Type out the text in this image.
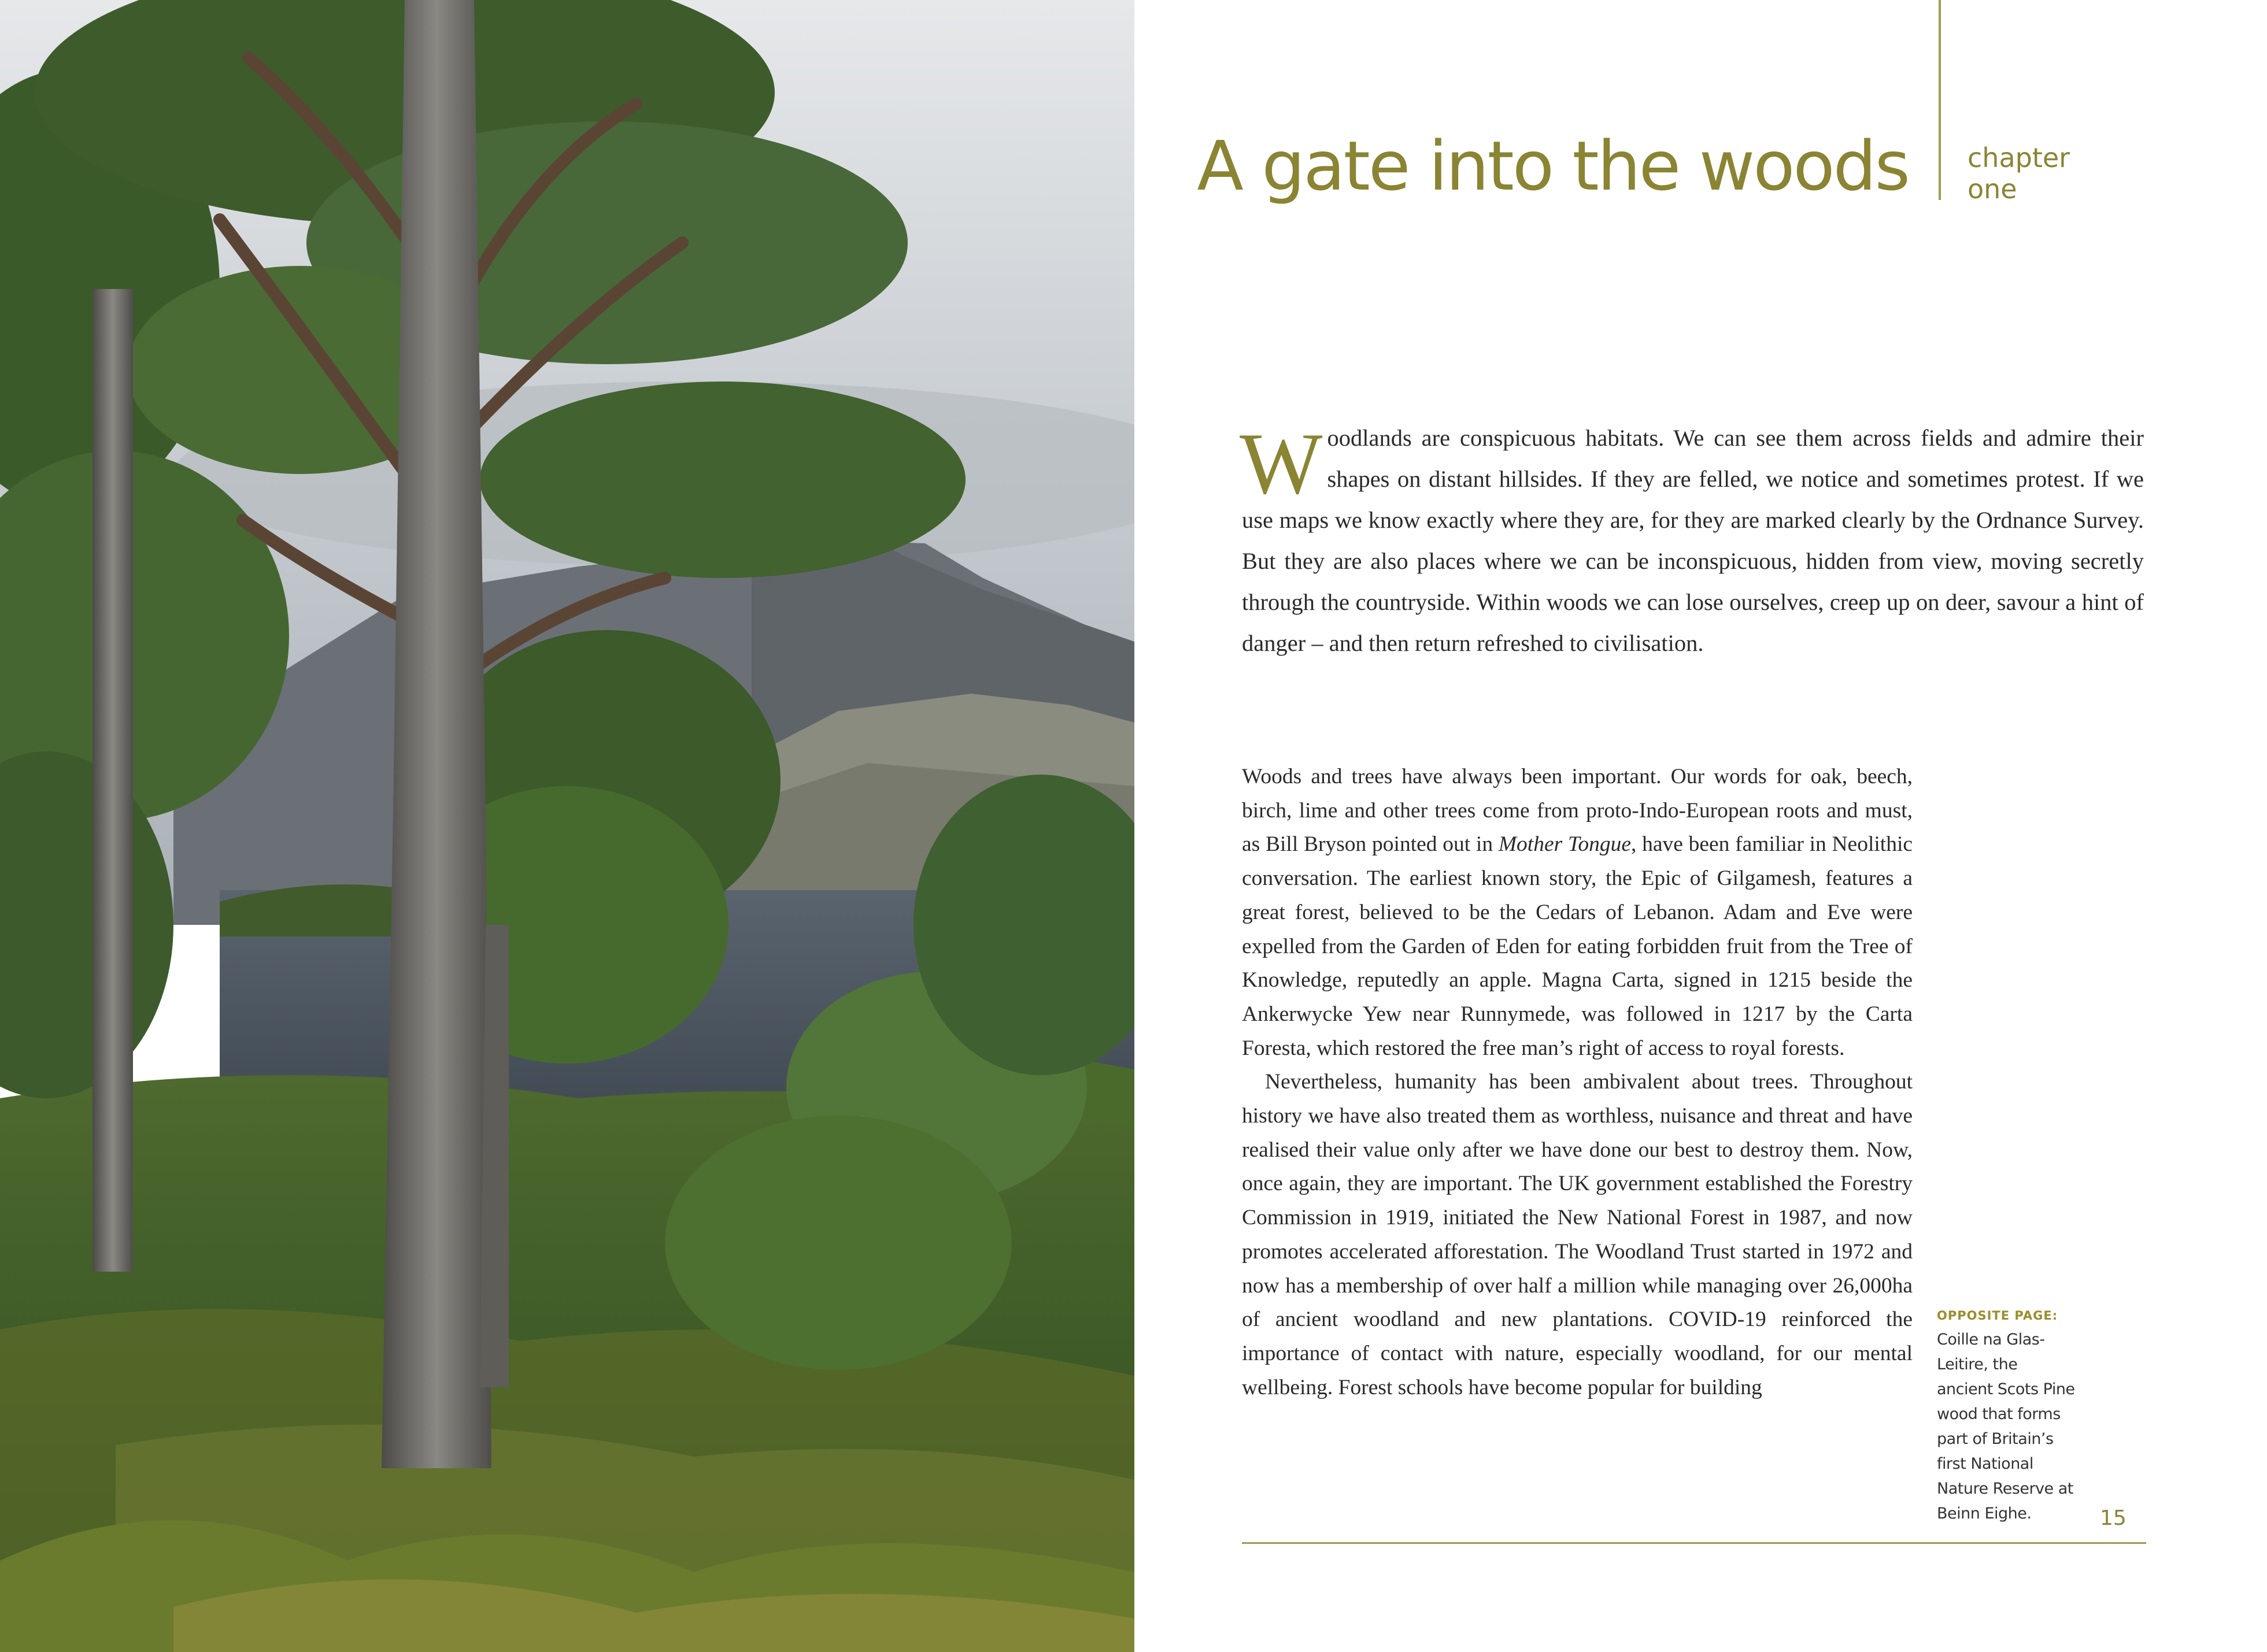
A gate into the woods chapter
one

Woodlands are conspicuous habitats. We can see them across fields and admire their shapes on distant hillsides. If they are felled, we notice and sometimes protest. If we use maps we know exactly where they are, for they are marked clearly by the Ordnance Survey. But they are also places where we can be inconspicuous, hidden from view, moving secretly through the countryside. Within woods we can lose ourselves, creep up on deer, savour a hint of danger – and then return refreshed to civilisation.

Woods and trees have always been important. Our words for oak, beech, birch, lime and other trees come from proto-Indo-European roots and must, as Bill Bryson pointed out in Mother Tongue, have been familiar in Neolithic conversation. The earliest known story, the Epic of Gilgamesh, features a great forest, believed to be the Cedars of Lebanon. Adam and Eve were expelled from the Garden of Eden for eating forbidden fruit from the Tree of Knowledge, reputedly an apple. Magna Carta, signed in 1215 beside the Ankerwycke Yew near Runnymede, was followed in 1217 by the Carta Foresta, which restored the free man’s right of access to royal forests.

Nevertheless, humanity has been ambivalent about trees. Throughout history we have also treated them as worthless, nuisance and threat and have realised their value only after we have done our best to destroy them. Now, once again, they are important. The UK government established the Forestry Commission in 1919, initiated the New National Forest in 1987, and now promotes accelerated afforestation. The Woodland Trust started in 1972 and now has a membership of over half a million while managing over 26,000ha of ancient woodland and new plantations. COVID-19 reinforced the importance of contact with nature, especially woodland, for our mental wellbeing. Forest schools have become popular for building

OPPOSITE PAGE:
Coille na Glas-Leitire, the ancient Scots Pine wood that forms part of Britain’s first National Nature Reserve at Beinn Eighe.	15
